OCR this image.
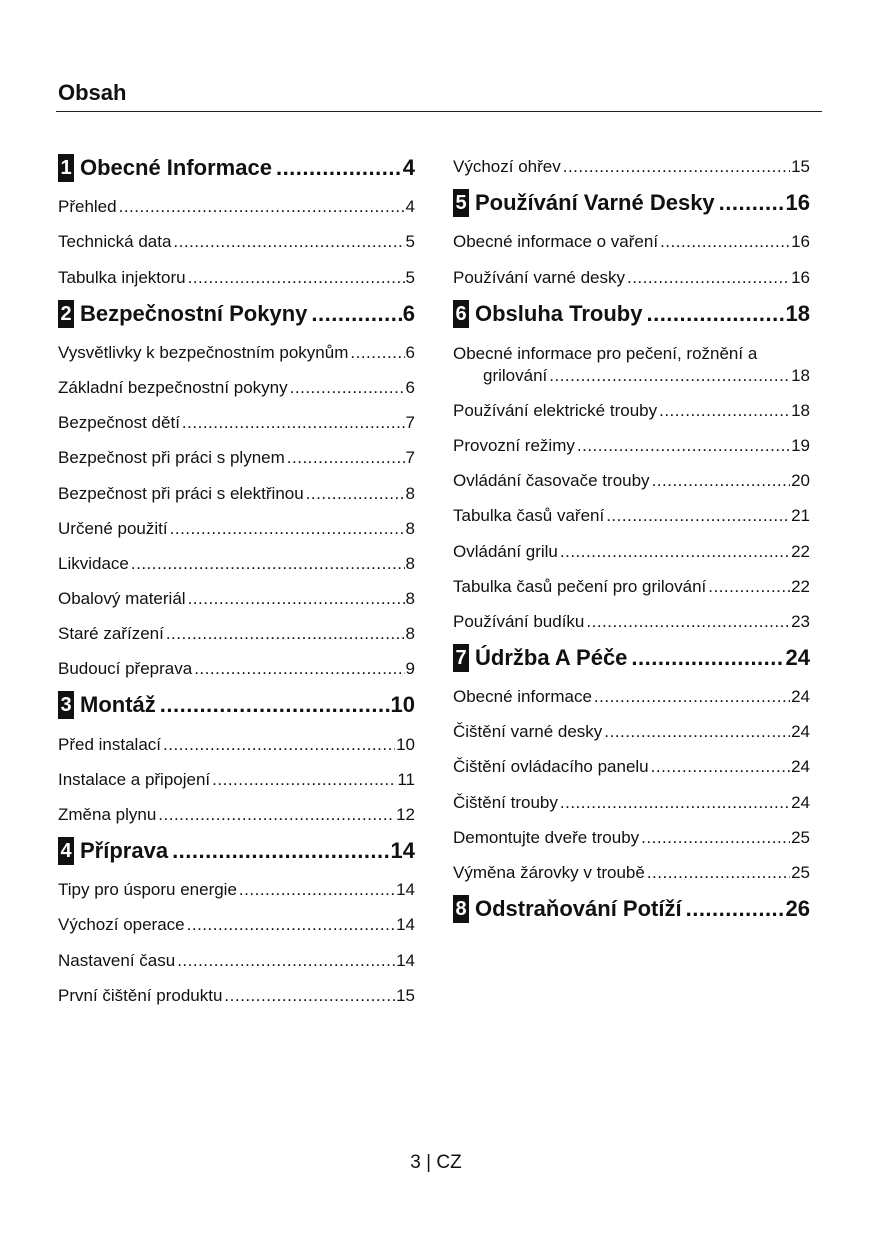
Obsah
1 Obecné Informace .....	4
Přehled .....	4
Technická data .....	5
Tabulka injektoru .....	5
2 Bezpečnostní Pokyny .....	6
Vysvětlivky k bezpečnostním pokynům .....	6
Základní bezpečnostní pokyny .....	6
Bezpečnost dětí .....	7
Bezpečnost při práci s plynem .....	7
Bezpečnost při práci s elektřinou .....	8
Určené použití .....	8
Likvidace .....	8
Obalový materiál .....	8
Staré zařízení .....	8
Budoucí přeprava .....	9
3 Montáž .....	10
Před instalací .....	10
Instalace a připojení .....	11
Změna plynu .....	12
4 Příprava .....	14
Tipy pro úsporu energie .....	14
Výchozí operace .....	14
Nastavení času .....	14
První čištění produktu .....	15
Výchozí ohřev .....	15
5 Používání Varné Desky .....	16
Obecné informace o vaření .....	16
Používání varné desky .....	16
6 Obsluha Trouby .....	18
Obecné informace pro pečení, rožnění a
grilování .....	18
Používání elektrické trouby .....	18
Provozní režimy .....	19
Ovládání časovače trouby .....	20
Tabulka časů vaření .....	21
Ovládání grilu .....	22
Tabulka časů pečení pro grilování .....	22
Používání budíku .....	23
7 Údržba A Péče .....	24
Obecné informace .....	24
Čištění varné desky .....	24
Čištění ovládacího panelu .....	24
Čištění trouby .....	24
Demontujte dveře trouby .....	25
Výměna žárovky v troubě .....	25
8 Odstraňování Potíží .....	26
3 | CZ
